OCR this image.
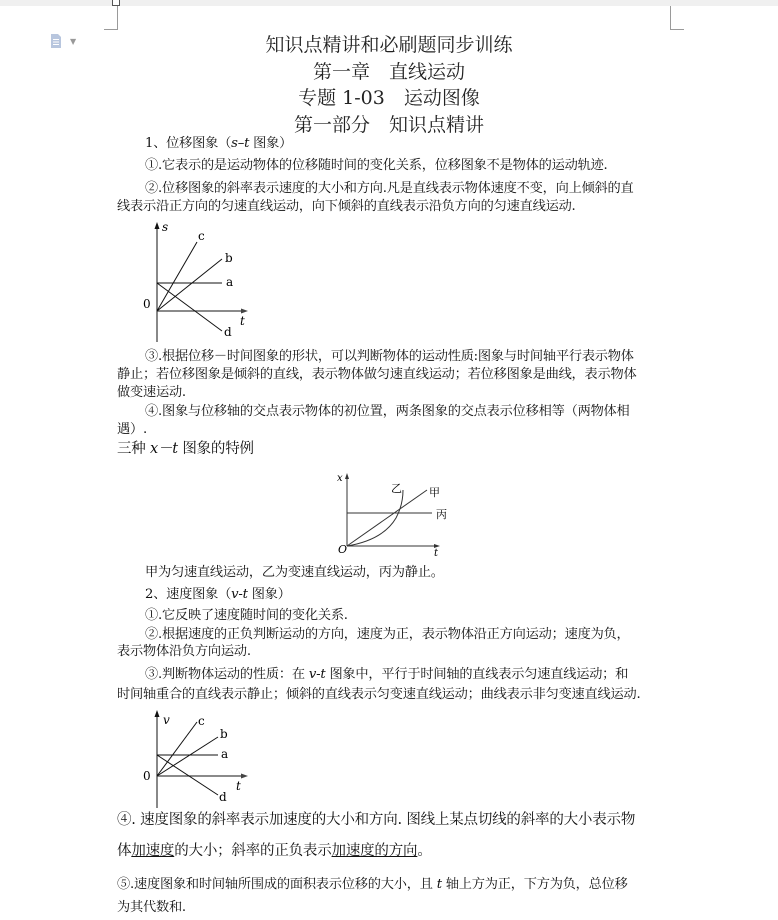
▼	知识点精讲和必刷题同步训练
第一章　直线运动
专题 1-03　运动图像
第一部分　知识点精讲
1、位移图象（s–t 图象）
①.它表示的是运动物体的位移随时间的变化关系，位移图象不是物体的运动轨迹.
②.位移图象的斜率表示速度的大小和方向.凡是直线表示物体速度不变，向上倾斜的直
线表示沿正方向的匀速直线运动，向下倾斜的直线表示沿负方向的匀速直线运动.
s
t
0
a
b
c
d
③.根据位移－时间图象的形状，可以判断物体的运动性质:图象与时间轴平行表示物体
静止；若位移图象是倾斜的直线，表示物体做匀速直线运动；若位移图象是曲线，表示物体
做变速运动.
④.图象与位移轴的交点表示物体的初位置，两条图象的交点表示位移相等（两物体相
遇）.
三种 x－t 图象的特例
x
t
O
甲
乙
丙
甲为匀速直线运动，乙为变速直线运动，丙为静止。
2、速度图象（v-t 图象）
①.它反映了速度随时间的变化关系.
②.根据速度的正负判断运动的方向，速度为正，表示物体沿正方向运动；速度为负，
表示物体沿负方向运动.
③.判断物体运动的性质：在 v-t 图象中，平行于时间轴的直线表示匀速直线运动；和
时间轴重合的直线表示静止；倾斜的直线表示匀变速直线运动；曲线表示非匀变速直线运动.
v
t
0
a
b
c
d
④. 速度图象的斜率表示加速度的大小和方向. 图线上某点切线的斜率的大小表示物
体加速度的大小；斜率的正负表示加速度的方向。
⑤.速度图象和时间轴所围成的面积表示位移的大小，且 t 轴上方为正，下方为负，总位移
为其代数和.
